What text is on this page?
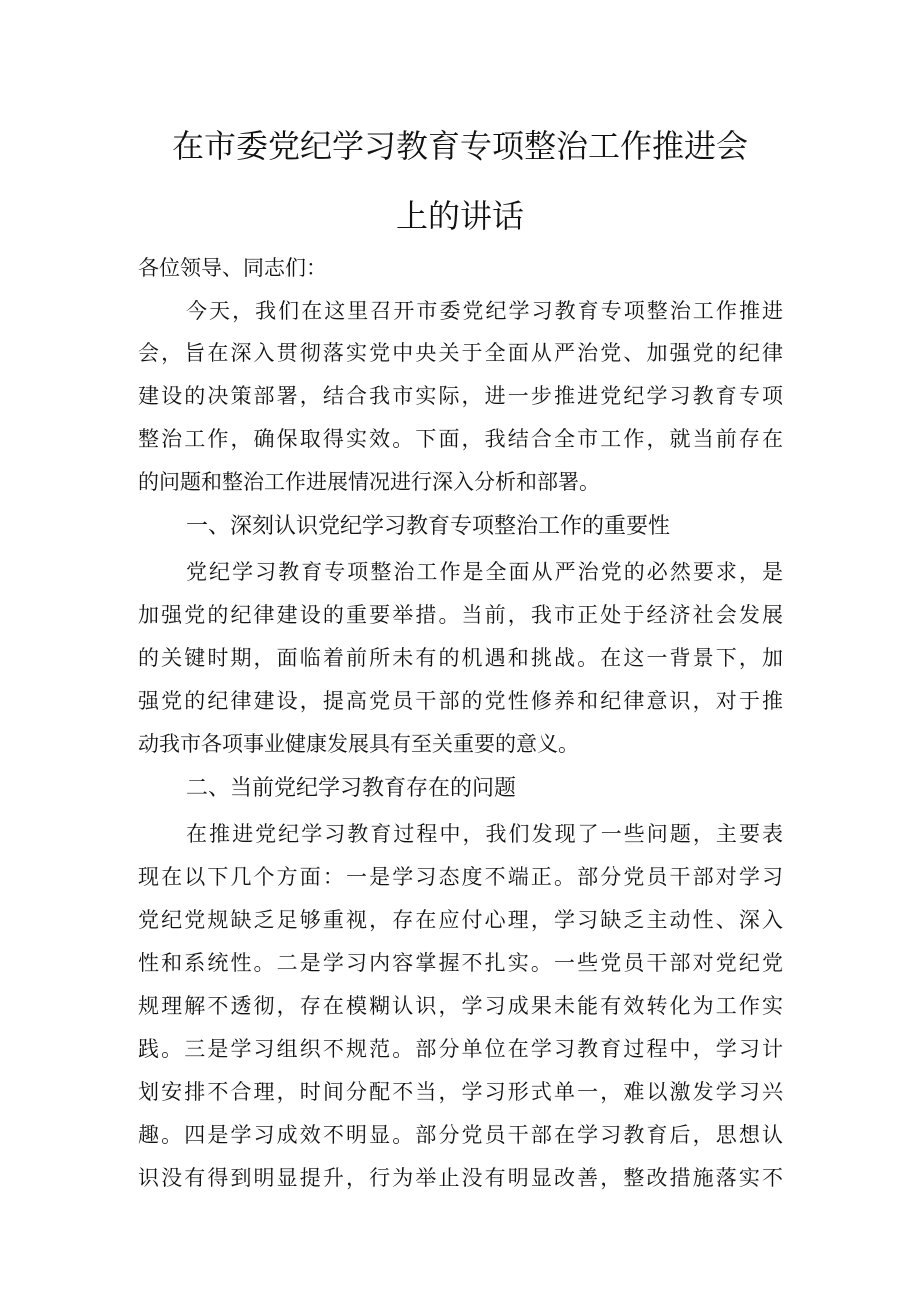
在市委党纪学习教育专项整治工作推进会
上的讲话
各位领导、同志们：
今天，我们在这里召开市委党纪学习教育专项整治工作推进
会，旨在深入贯彻落实党中央关于全面从严治党、加强党的纪律
建设的决策部署，结合我市实际，进一步推进党纪学习教育专项
整治工作，确保取得实效。下面，我结合全市工作，就当前存在
的问题和整治工作进展情况进行深入分析和部署。
一、深刻认识党纪学习教育专项整治工作的重要性
党纪学习教育专项整治工作是全面从严治党的必然要求，是
加强党的纪律建设的重要举措。当前，我市正处于经济社会发展
的关键时期，面临着前所未有的机遇和挑战。在这一背景下，加
强党的纪律建设，提高党员干部的党性修养和纪律意识，对于推
动我市各项事业健康发展具有至关重要的意义。
二、当前党纪学习教育存在的问题
在推进党纪学习教育过程中，我们发现了一些问题，主要表
现在以下几个方面：一是学习态度不端正。部分党员干部对学习
党纪党规缺乏足够重视，存在应付心理，学习缺乏主动性、深入
性和系统性。二是学习内容掌握不扎实。一些党员干部对党纪党
规理解不透彻，存在模糊认识，学习成果未能有效转化为工作实
践。三是学习组织不规范。部分单位在学习教育过程中，学习计
划安排不合理，时间分配不当，学习形式单一，难以激发学习兴
趣。四是学习成效不明显。部分党员干部在学习教育后，思想认
识没有得到明显提升，行为举止没有明显改善，整改措施落实不
